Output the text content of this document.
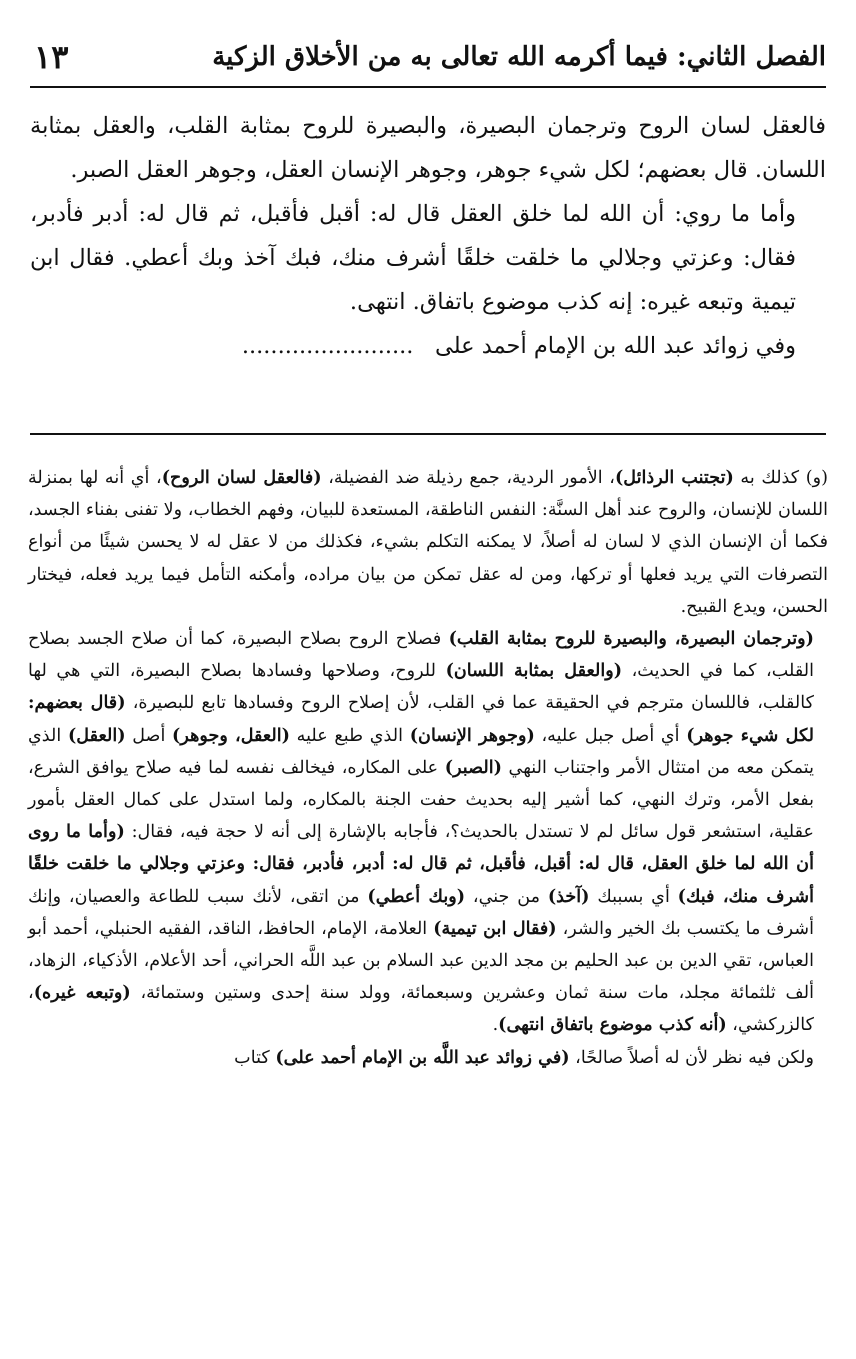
الفصل الثاني: فيما أكرمه الله تعالى به من الأخلاق الزكية
١٣

فالعقل لسان الروح وترجمان البصيرة، والبصيرة للروح بمثابة القلب، والعقل بمثابة اللسان. قال بعضهم؛ لكل شيء جوهر، وجوهر الإنسان العقل، وجوهر العقل الصبر.

وأما ما روي: أن الله لما خلق العقل قال له: أقبل فأقبل، ثم قال له: أدبر فأدبر، فقال: وعزتي وجلالي ما خلقت خلقًا أشرف منك، فبك آخذ وبك أعطي. فقال ابن تيمية وتبعه غيره: إنه كذب موضوع باتفاق. انتهى.

وفي زوائد عبد الله بن الإمام أحمد على   ........................

(و) كذلك به (تجتنب الرذائل)، الأمور الردية، جمع رذيلة ضد الفضيلة، (فالعقل لسان الروح)، أي أنه لها بمنزلة اللسان للإنسان، والروح عند أهل السنَّة: النفس الناطقة، المستعدة للبيان، وفهم الخطاب، ولا تفنى بفناء الجسد، فكما أن الإنسان الذي لا لسان له أصلاً، لا يمكنه التكلم بشيء، فكذلك من لا عقل له لا يحسن شيئًا من أنواع التصرفات التي يريد فعلها أو تركها، ومن له عقل تمكن من بيان مراده، وأمكنه التأمل فيما يريد فعله، فيختار الحسن، ويدع القبيح.

(وترجمان البصيرة، والبصيرة للروح بمثابة القلب) فصلاح الروح بصلاح البصيرة، كما أن صلاح الجسد بصلاح القلب، كما في الحديث، (والعقل بمثابة اللسان) للروح، وصلاحها وفسادها بصلاح البصيرة، التي هي لها كالقلب، فاللسان مترجم في الحقيقة عما في القلب، لأن إصلاح الروح وفسادها تابع للبصيرة، (قال بعضهم: لكل شيء جوهر) أي أصل جبل عليه، (وجوهر الإنسان) الذي طبع عليه (العقل، وجوهر) أصل (العقل) الذي يتمكن معه من امتثال الأمر واجتناب النهي (الصبر) على المكاره، فيخالف نفسه لما فيه صلاح يوافق الشرع، بفعل الأمر، وترك النهي، كما أشير إليه بحديث حفت الجنة بالمكاره، ولما استدل على كمال العقل بأمور عقلية، استشعر قول سائل لم لا تستدل بالحديث؟، فأجابه بالإشارة إلى أنه لا حجة فيه، فقال: (وأما ما روى أن الله لما خلق العقل، قال له: أقبل، فأقبل، ثم قال له: أدبر، فأدبر، فقال: وعزتي وجلالي ما خلقت خلقًا أشرف منك، فبك) أي بسببك (آخذ) من جني، (وبك أعطي) من اتقى، لأنك سبب للطاعة والعصيان، وإنك أشرف ما يكتسب بك الخير والشر، (فقال ابن تيمية) العلامة، الإمام، الحافظ، الناقد، الفقيه الحنبلي، أحمد أبو العباس، تقي الدين بن عبد الحليم بن مجد الدين عبد السلام بن عبد اللَّه الحراني، أحد الأعلام، الأذكياء، الزهاد، ألف ثلثمائة مجلد، مات سنة ثمان وعشرين وسبعمائة، وولد سنة إحدى وستين وستمائة، (وتبعه غيره)، كالزركشي، (أنه كذب موضوع باتفاق انتهى).

ولكن فيه نظر لأن له أصلاً صالحًا، (في زوائد عبد اللَّه بن الإمام أحمد على) كتاب
